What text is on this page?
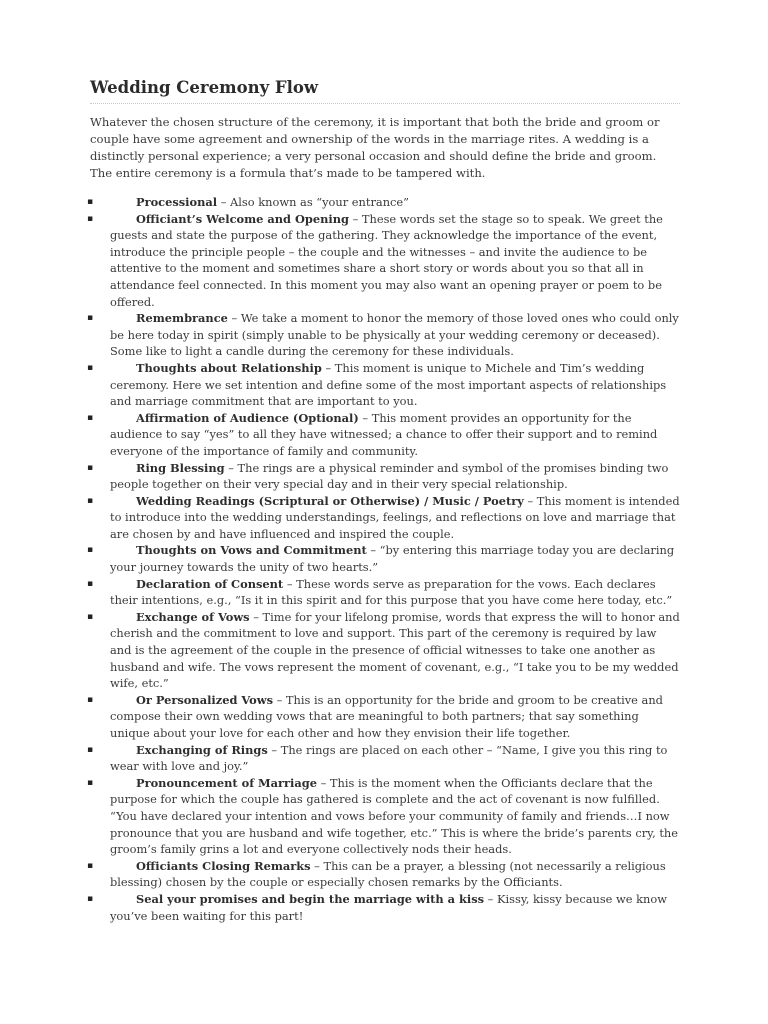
Wedding Ceremony Flow

Whatever the chosen structure of the ceremony, it is important that both the bride and groom or couple have some agreement and ownership of the words in the marriage rites. A wedding is a distinctly personal experience; a very personal occasion and should define the bride and groom. The entire ceremony is a formula that’s made to be tampered with.

▪	Processional – Also known as “your entrance”
▪	Officiant’s Welcome and Opening – These words set the stage so to speak. We greet the guests and state the purpose of the gathering. They acknowledge the importance of the event, introduce the principle people – the couple and the witnesses – and invite the audience to be attentive to the moment and sometimes share a short story or words about you so that all in attendance feel connected. In this moment you may also want an opening prayer or poem to be offered.
▪	Remembrance – We take a moment to honor the memory of those loved ones who could only be here today in spirit (simply unable to be physically at your wedding ceremony or deceased). Some like to light a candle during the ceremony for these individuals.
▪	Thoughts about Relationship – This moment is unique to Michele and Tim’s wedding ceremony. Here we set intention and define some of the most important aspects of relationships and marriage commitment that are important to you.
▪	Affirmation of Audience (Optional) – This moment provides an opportunity for the audience to say “yes” to all they have witnessed; a chance to offer their support and to remind everyone of the importance of family and community.
▪	Ring Blessing – The rings are a physical reminder and symbol of the promises binding two people together on their very special day and in their very special relationship.
▪	Wedding Readings (Scriptural or Otherwise) / Music / Poetry – This moment is intended to introduce into the wedding understandings, feelings, and reflections on love and marriage that are chosen by and have influenced and inspired the couple.
▪	Thoughts on Vows and Commitment – “by entering this marriage today you are declaring your journey towards the unity of two hearts.”
▪	Declaration of Consent – These words serve as preparation for the vows. Each declares their intentions, e.g., “Is it in this spirit and for this purpose that you have come here today, etc.”
▪	Exchange of Vows – Time for your lifelong promise, words that express the will to honor and cherish and the commitment to love and support. This part of the ceremony is required by law and is the agreement of the couple in the presence of official witnesses to take one another as husband and wife. The vows represent the moment of covenant, e.g., “I take you to be my wedded wife, etc.”
▪	Or Personalized Vows – This is an opportunity for the bride and groom to be creative and compose their own wedding vows that are meaningful to both partners; that say something unique about your love for each other and how they envision their life together.
▪	Exchanging of Rings – The rings are placed on each other – “Name, I give you this ring to wear with love and joy.”
▪	Pronouncement of Marriage – This is the moment when the Officiants declare that the purpose for which the couple has gathered is complete and the act of covenant is now fulfilled. “You have declared your intention and vows before your community of family and friends…I now pronounce that you are husband and wife together, etc.” This is where the bride’s parents cry, the groom’s family grins a lot and everyone collectively nods their heads.
▪	Officiants Closing Remarks – This can be a prayer, a blessing (not necessarily a religious blessing) chosen by the couple or especially chosen remarks by the Officiants.
▪	Seal your promises and begin the marriage with a kiss – Kissy, kissy because we know you’ve been waiting for this part!
